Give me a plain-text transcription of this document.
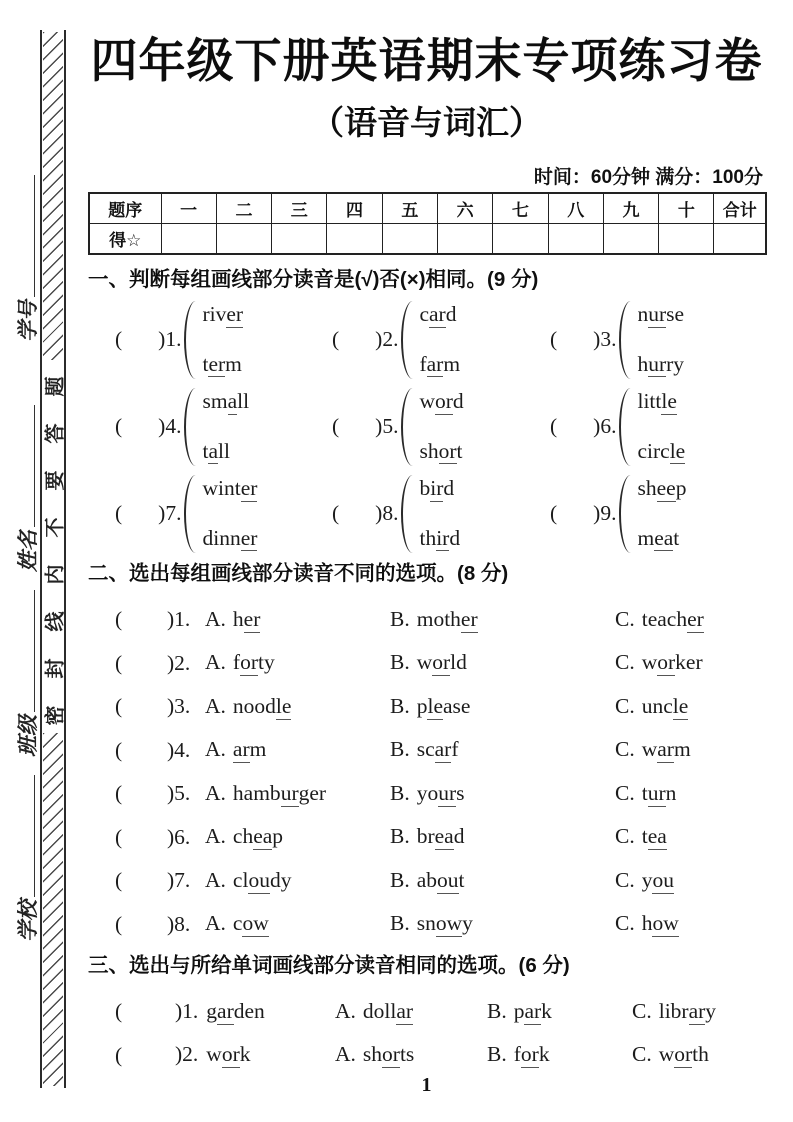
题
答
要
不
内
线
封
密
学号
姓名
班级
学校
四年级下册英语期末专项练习卷
（语音与词汇）
时间：60分钟 满分：100分
题序	一	二	三	四	五	六	七	八	九	十	合计
得☆											
一、判断每组画线部分读音是(√)否(×)相同。(9 分)
( )1.
river
term
( )2.
card
farm
( )3.
nurse
hurry
( )4.
small
tall
( )5.
word
short
( )6.
little
circle
( )7.
winter
dinner
( )8.
bird
third
( )9.
sheep
meat
二、选出每组画线部分读音不同的选项。(8 分)
(	)1. A. her	B. mother	C. teacher
(	)2. A. forty	B. world	C. worker
(	)3. A. noodle	B. please	C. uncle
(	)4. A. arm	B. scarf	C. warm
(	)5. A. hamburger	B. yours	C. turn
(	)6. A. cheap	B. bread	C. tea
(	)7. A. cloudy	B. about	C. you
(	)8. A. cow	B. snowy	C. how
三、选出与所给单词画线部分读音相同的选项。(6 分)
(	)1. garden	A. dollar	B. park	C. library
(	)2. work	A. shorts	B. fork	C. worth
1
